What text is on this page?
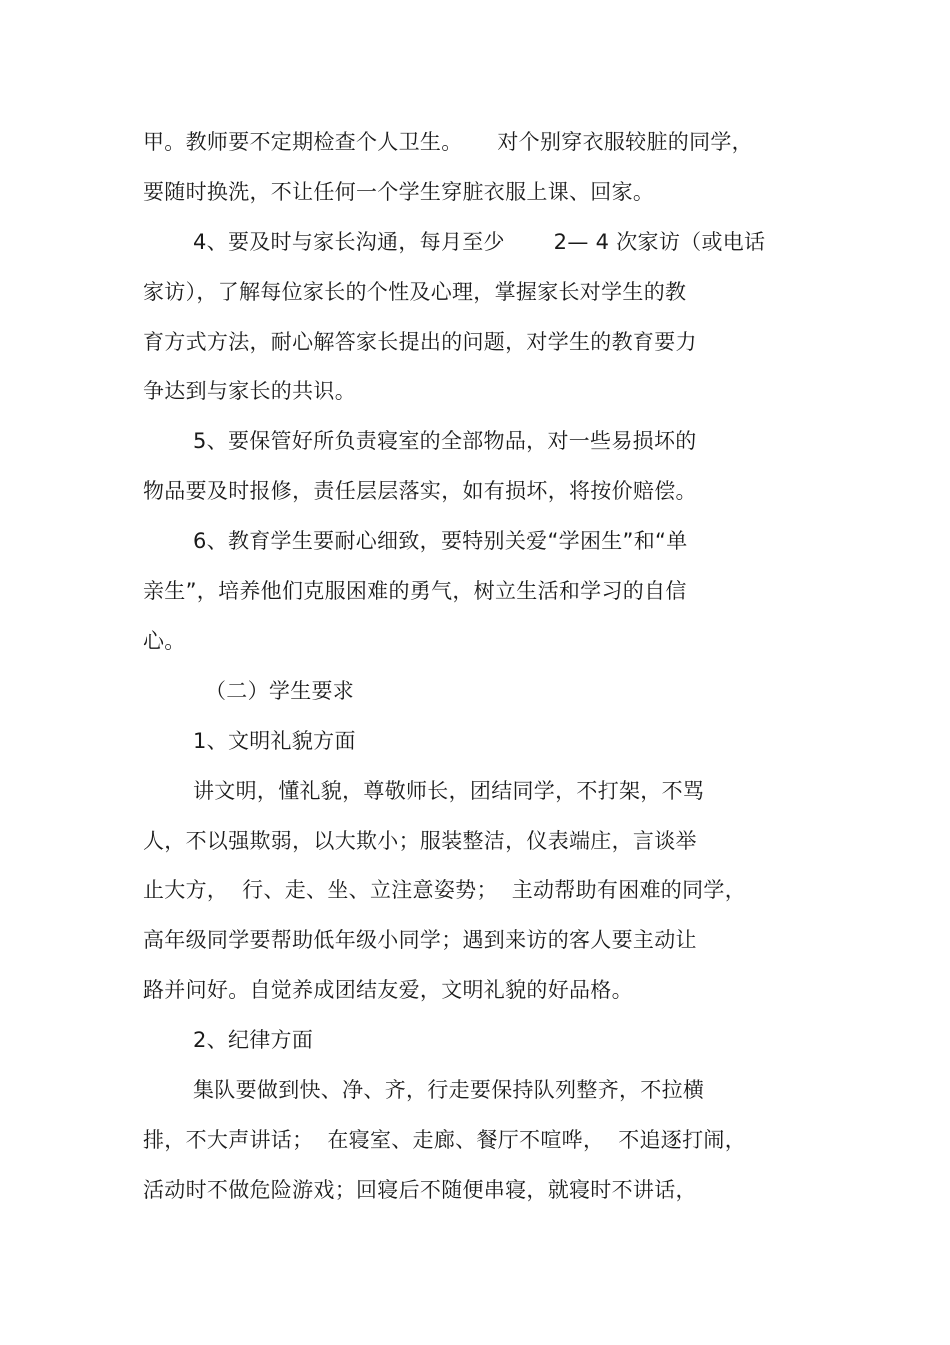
甲。教师要不定期检查个人卫生。     对个别穿衣服较脏的同学，
要随时换洗，不让任何一个学生穿脏衣服上课、回家。
4、要及时与家长沟通，每月至少       2— 4 次家访（或电话
家访），了解每位家长的个性及心理，掌握家长对学生的教
育方式方法，耐心解答家长提出的问题，对学生的教育要力
争达到与家长的共识。
5、要保管好所负责寝室的全部物品，对一些易损坏的
物品要及时报修，责任层层落实，如有损坏，将按价赔偿。
6、教育学生要耐心细致，要特别关爱“学困生”和“单
亲生”，培养他们克服困难的勇气，树立生活和学习的自信
心。
（二）学生要求
1、文明礼貌方面
讲文明，懂礼貌，尊敬师长，团结同学，不打架，不骂
人，不以强欺弱，以大欺小；服装整洁，仪表端庄，言谈举
止大方，  行、走、坐、立注意姿势；  主动帮助有困难的同学，
高年级同学要帮助低年级小同学；遇到来访的客人要主动让
路并问好。自觉养成团结友爱，文明礼貌的好品格。
2、纪律方面
集队要做到快、净、齐，行走要保持队列整齐，不拉横
排，不大声讲话；  在寝室、走廊、餐厅不喧哗，  不追逐打闹，
活动时不做危险游戏；回寝后不随便串寝，就寝时不讲话，
